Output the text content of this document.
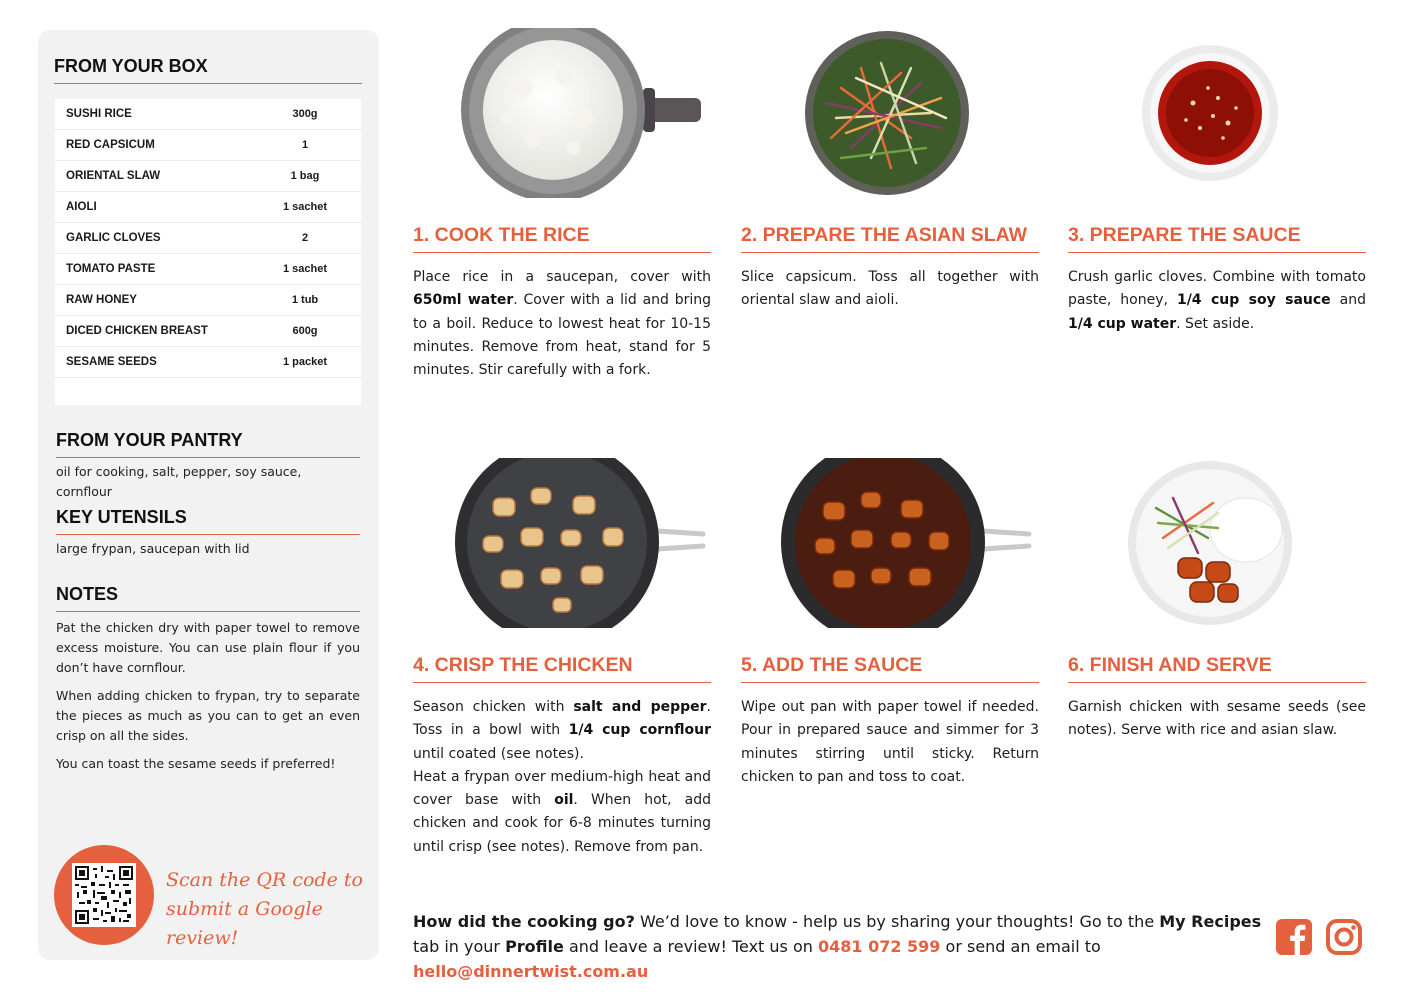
FROM YOUR BOX
SUSHI RICE	300g
RED CAPSICUM	1
ORIENTAL SLAW	1 bag
AIOLI	1 sachet
GARLIC CLOVES	2
TOMATO PASTE	1 sachet
RAW HONEY	1 tub
DICED CHICKEN BREAST	600g
SESAME SEEDS	1 packet
FROM YOUR PANTRY
oil for cooking, salt, pepper, soy sauce, cornflour
KEY UTENSILS
large frypan, saucepan with lid
NOTES

Pat the chicken dry with paper towel to remove excess moisture. You can use plain flour if you don’t have cornflour.

When adding chicken to frypan, try to separate the pieces as much as you can to get an even crisp on all the sides.

You can toast the sesame seeds if preferred!

Scan the QR code to
submit a Google review!
1. COOK THE RICE
Place rice in a saucepan, cover with 650ml water. Cover with a lid and bring to a boil. Reduce to lowest heat for 10-15 minutes. Remove from heat, stand for 5 minutes. Stir carefully with a fork.
2. PREPARE THE ASIAN SLAW
Slice capsicum. Toss all together with oriental slaw and aioli.
3. PREPARE THE SAUCE
Crush garlic cloves. Combine with tomato paste, honey, 1/4 cup soy sauce and 1/4 cup water. Set aside.
4. CRISP THE CHICKEN
Season chicken with salt and pepper. Toss in a bowl with 1/4 cup cornflour until coated (see notes).
Heat a frypan over medium-high heat and cover base with oil. When hot, add chicken and cook for 6-8 minutes turning until crisp (see notes). Remove from pan.
5. ADD THE SAUCE
Wipe out pan with paper towel if needed. Pour in prepared sauce and simmer for 3 minutes stirring until sticky. Return chicken to pan and toss to coat.
6. FINISH AND SERVE
Garnish chicken with sesame seeds (see notes). Serve with rice and asian slaw.
How did the cooking go? We’d love to know - help us by sharing your thoughts! Go to the My Recipes tab in your Profile and leave a review! Text us on 0481 072 599 or send an email to hello@dinnertwist.com.au
